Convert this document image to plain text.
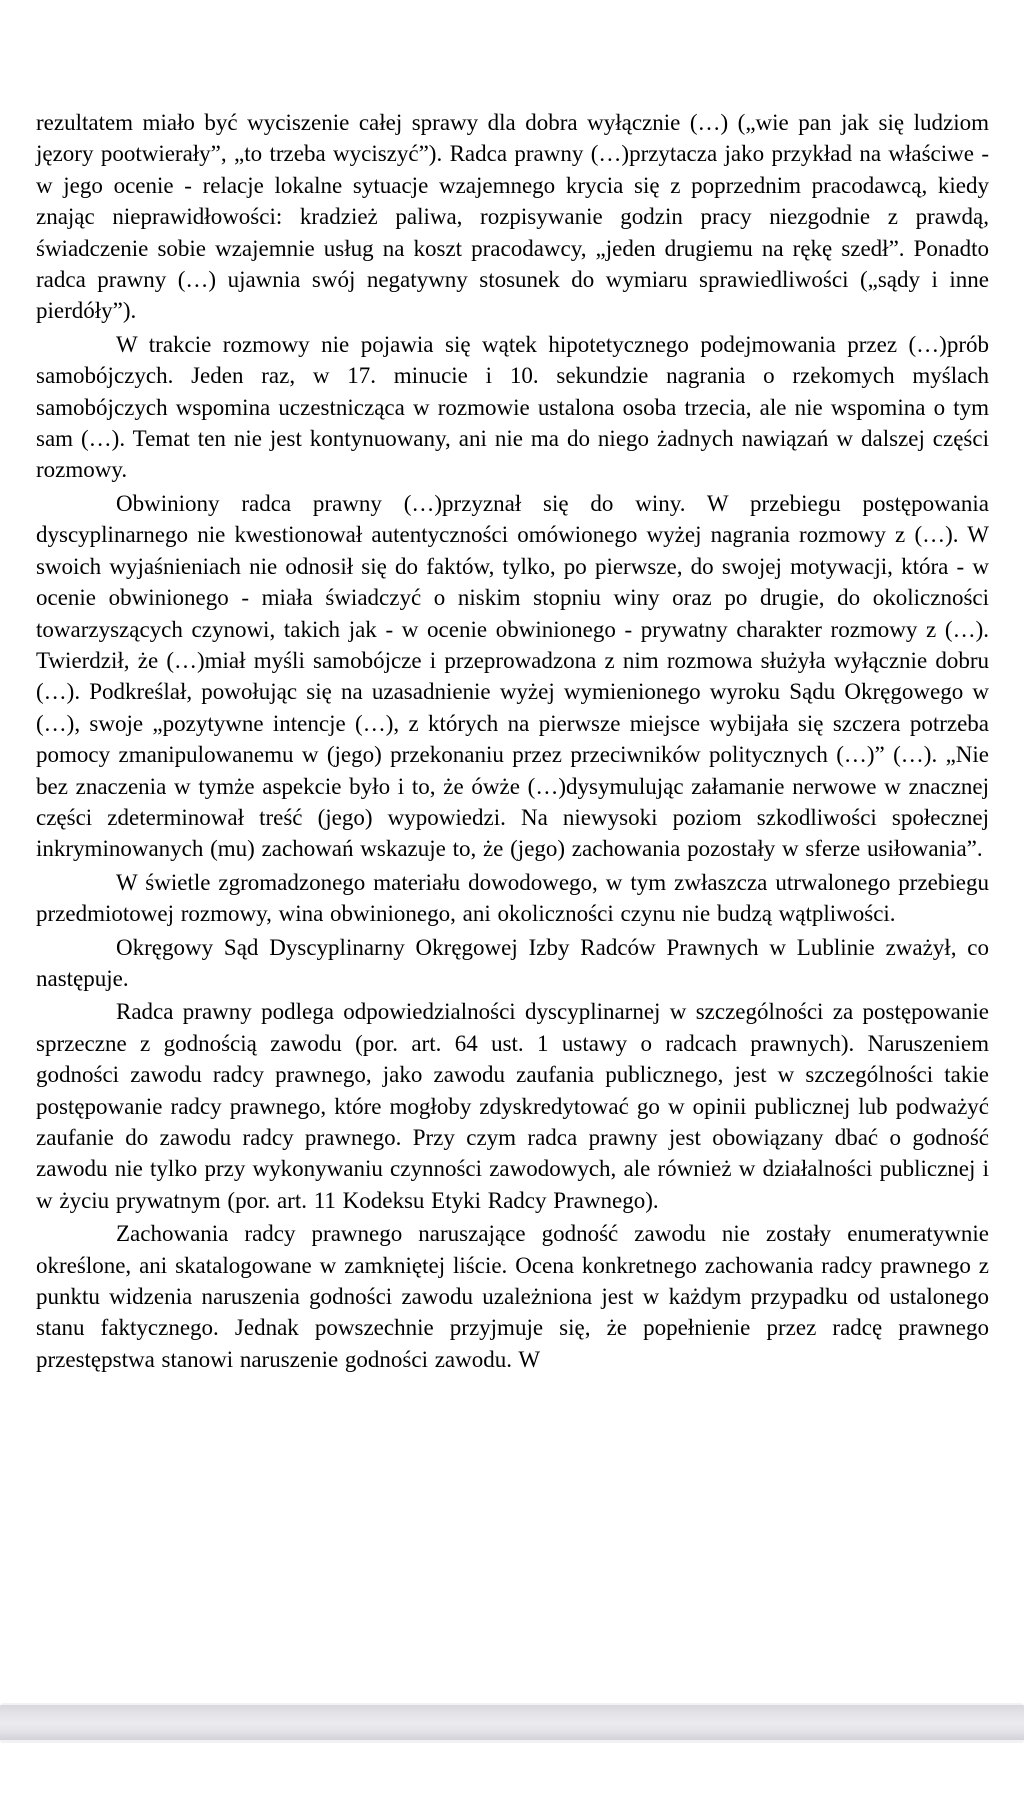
rezultatem miało być wyciszenie całej sprawy dla dobra wyłącznie (…) („wie pan jak się ludziom jęzory pootwierały”, „to trzeba wyciszyć”). Radca prawny (…)przytacza jako przykład na właściwe - w jego ocenie - relacje lokalne sytuacje wzajemnego krycia się z poprzednim pracodawcą, kiedy znając nieprawidłowości: kradzież paliwa, rozpisywanie godzin pracy niezgodnie z prawdą, świadczenie sobie wzajemnie usług na koszt pracodawcy, „jeden drugiemu na rękę szedł”. Ponadto radca prawny (…) ujawnia swój negatywny stosunek do wymiaru sprawiedliwości („sądy i inne pierdóły”).

W trakcie rozmowy nie pojawia się wątek hipotetycznego podejmowania przez (…)prób samobójczych. Jeden raz, w 17. minucie i 10. sekundzie nagrania o rzekomych myślach samobójczych wspomina uczestnicząca w rozmowie ustalona osoba trzecia, ale nie wspomina o tym sam (…). Temat ten nie jest kontynuowany, ani nie ma do niego żadnych nawiązań w dalszej części rozmowy.

Obwiniony radca prawny (…)przyznał się do winy. W przebiegu postępowania dyscyplinarnego nie kwestionował autentyczności omówionego wyżej nagrania rozmowy z (…). W swoich wyjaśnieniach nie odnosił się do faktów, tylko, po pierwsze, do swojej motywacji, która - w ocenie obwinionego - miała świadczyć o niskim stopniu winy oraz po drugie, do okoliczności towarzyszących czynowi, takich jak - w ocenie obwinionego - prywatny charakter rozmowy z (…). Twierdził, że (…)miał myśli samobójcze i przeprowadzona z nim rozmowa służyła wyłącznie dobru (…). Podkreślał, powołując się na uzasadnienie wyżej wymienionego wyroku Sądu Okręgowego w (…), swoje „pozytywne intencje (…), z których na pierwsze miejsce wybijała się szczera potrzeba pomocy zmanipulowanemu w (jego) przekonaniu przez przeciwników politycznych (…)” (…). „Nie bez znaczenia w tymże aspekcie było i to, że ówże (…)dysymulując załamanie nerwowe w znacznej części zdeterminował treść (jego) wypowiedzi. Na niewysoki poziom szkodliwości społecznej inkryminowanych (mu) zachowań wskazuje to, że (jego) zachowania pozostały w sferze usiłowania”.

W świetle zgromadzonego materiału dowodowego, w tym zwłaszcza utrwalonego przebiegu przedmiotowej rozmowy, wina obwinionego, ani okoliczności czynu nie budzą wątpliwości.

Okręgowy Sąd Dyscyplinarny Okręgowej Izby Radców Prawnych w Lublinie zważył, co następuje.

Radca prawny podlega odpowiedzialności dyscyplinarnej w szczególności za postępowanie sprzeczne z godnością zawodu (por. art. 64 ust. 1 ustawy o radcach prawnych). Naruszeniem godności zawodu radcy prawnego, jako zawodu zaufania publicznego, jest w szczególności takie postępowanie radcy prawnego, które mogłoby zdyskredytować go w opinii publicznej lub podważyć zaufanie do zawodu radcy prawnego. Przy czym radca prawny jest obowiązany dbać o godność zawodu nie tylko przy wykonywaniu czynności zawodowych, ale również w działalności publicznej i w życiu prywatnym (por. art. 11 Kodeksu Etyki Radcy Prawnego).

Zachowania radcy prawnego naruszające godność zawodu nie zostały enumeratywnie określone, ani skatalogowane w zamkniętej liście. Ocena konkretnego zachowania radcy prawnego z punktu widzenia naruszenia godności zawodu uzależniona jest w każdym przypadku od ustalonego stanu faktycznego. Jednak powszechnie przyjmuje się, że popełnienie przez radcę prawnego przestępstwa stanowi naruszenie godności zawodu. W
